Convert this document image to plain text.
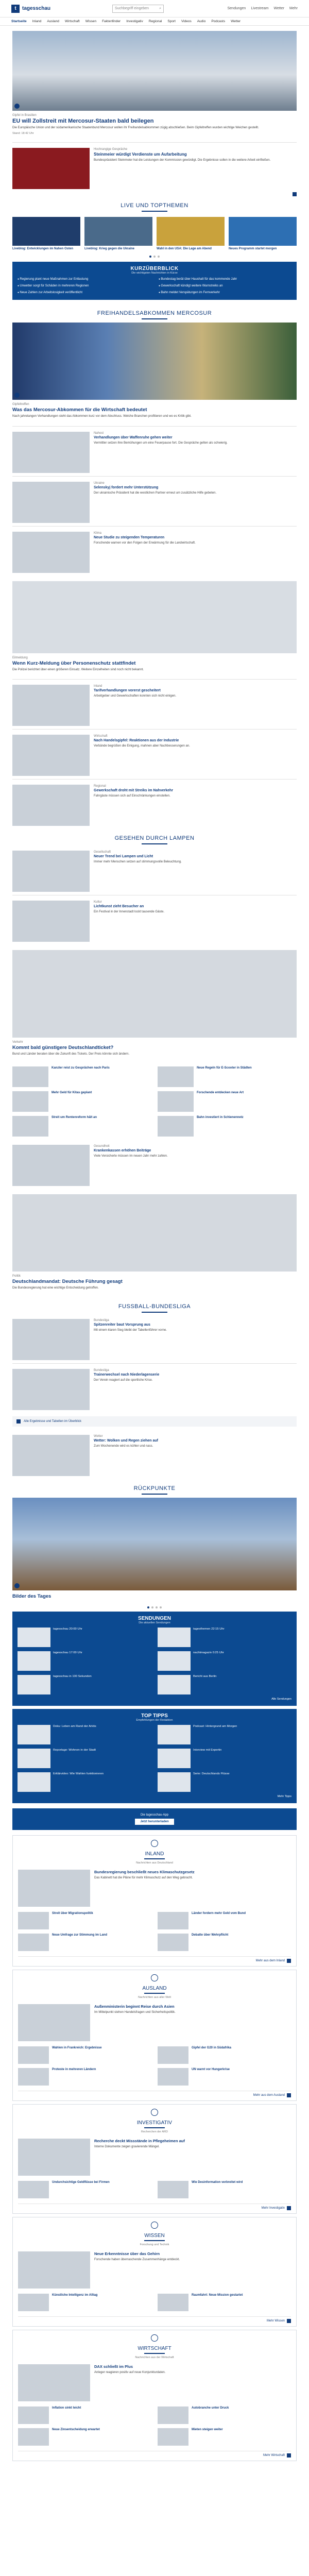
t	tagesschau	Suchbegriff eingeben	⌕	Sendungen Livestream Wetter Mehr
Startseite Inland Ausland Wirtschaft Wissen Faktenfinder Investigativ Regional Sport Videos Audio Podcasts Wetter
Gipfel in Brasilien
EU will Zollstreit mit Mercosur-Staaten bald beilegen
Die Europäische Union und der südamerikanische Staatenbund Mercosur wollen ihr Freihandelsabkommen zügig abschließen. Beim Gipfeltreffen wurden wichtige Weichen gestellt.
Stand: 18:42 Uhr
Hochrangige Gespräche
Steinmeier würdigt Verdienste um Aufarbeitung
Bundespräsident Steinmeier hat die Leistungen der Kommission gewürdigt. Die Ergebnisse sollen in die weitere Arbeit einfließen.
LIVE UND TOPTHEMEN
Liveblog: Entwicklungen im Nahen Osten	Liveblog: Krieg gegen die Ukraine	Wahl in den USA: Die Lage am Abend	Neues Programm startet morgen
KURZÜBERBLICK
Die wichtigsten Nachrichten in Kürze
● Regierung plant neue Maßnahmen zur Entlastung	● Bundestag berät über Haushalt für das kommende Jahr
● Unwetter sorgt für Schäden in mehreren Regionen	● Gewerkschaft kündigt weitere Warnstreiks an
● Neue Zahlen zur Arbeitslosigkeit veröffentlicht	● Bahn meldet Verspätungen im Fernverkehr
FREIHANDELSABKOMMEN MERCOSUR
Gipfeltreffen
Was das Mercosur-Abkommen für die Wirtschaft bedeutet
Nach jahrelangen Verhandlungen steht das Abkommen kurz vor dem Abschluss. Welche Branchen profitieren und wo es Kritik gibt.
Nahost
Verhandlungen über Waffenruhe gehen weiter
Vermittler setzen ihre Bemühungen um eine Feuerpause fort. Die Gespräche gelten als schwierig.
Ukraine
Selenskyj fordert mehr Unterstützung
Der ukrainische Präsident hat die westlichen Partner erneut um zusätzliche Hilfe gebeten.
Klima
Neue Studie zu steigenden Temperaturen
Forschende warnen vor den Folgen der Erwärmung für die Landwirtschaft.
Eilmeldung
Wenn Kurz-Meldung über Personenschutz stattfindet
Die Polizei berichtet über einen größeren Einsatz. Weitere Einzelheiten sind noch nicht bekannt.
Inland
Tarifverhandlungen vorerst gescheitert
Arbeitgeber und Gewerkschaften konnten sich nicht einigen.
Wirtschaft
Nach Handelsgipfel: Reaktionen aus der Industrie
Verbände begrüßen die Einigung, mahnen aber Nachbesserungen an.
Regional
Gewerkschaft droht mit Streiks im Nahverkehr
Fahrgäste müssen sich auf Einschränkungen einstellen.
GESEHEN DURCH LAMPEN
Gesellschaft
Neuer Trend bei Lampen und Licht
Immer mehr Menschen setzen auf stimmungsvolle Beleuchtung.
Kultur
Lichtkunst zieht Besucher an
Ein Festival in der Innenstadt lockt tausende Gäste.
Verkehr
Kommt bald günstigere Deutschlandticket?
Bund und Länder beraten über die Zukunft des Tickets. Der Preis könnte sich ändern.
Kanzler reist zu Gesprächen nach Paris	Neue Regeln für E-Scooter in Städten
Mehr Geld für Kitas geplant	Forschende entdecken neue Art
Streit um Rentenreform hält an	Bahn investiert in Schienennetz
Gesundheit
Krankenkassen erhöhen Beiträge
Viele Versicherte müssen im neuen Jahr mehr zahlen.
Politik
Deutschlandmandat: Deutsche Führung gesagt
Die Bundesregierung hat eine wichtige Entscheidung getroffen.
FUSSBALL-BUNDESLIGA
Bundesliga
Spitzenreiter baut Vorsprung aus
Mit einem klaren Sieg bleibt der Tabellenführer vorne.
Bundesliga
Trainerwechsel nach Niederlagenserie
Der Verein reagiert auf die sportliche Krise.
Alle Ergebnisse und Tabellen im Überblick
Wetter
Wetter: Wolken und Regen ziehen auf
Zum Wochenende wird es kühler und nass.
RÜCKPUNKTE
Bilder des Tages
SENDUNGEN
Die aktuellen Sendungen
tagesschau 20:00 Uhr	tagesthemen 22:15 Uhr
tagesschau 17:00 Uhr	nachtmagazin 0:25 Uhr
tagesschau in 100 Sekunden	Bericht aus Berlin
Alle Sendungen
TOP TIPPS
Empfehlungen der Redaktion
Doku: Leben am Rand der Arktis	Podcast: Hintergrund am Morgen
Reportage: Wohnen in der Stadt	Interview mit Expertin
Erklärvideo: Wie Wahlen funktionieren	Serie: Deutschlands Flüsse
Mehr Tipps
Die tagesschau-App
Jetzt herunterladen
INLAND
Nachrichten aus Deutschland
Bundesregierung beschließt neues Klimaschutzgesetz
Das Kabinett hat die Pläne für mehr Klimaschutz auf den Weg gebracht.
Streit über Migrationspolitik	Länder fordern mehr Geld vom Bund
Neue Umfrage zur Stimmung im Land	Debatte über Wehrpflicht
Mehr aus dem Inland
AUSLAND
Nachrichten aus aller Welt
Außenministerin beginnt Reise durch Asien
Im Mittelpunkt stehen Handelsfragen und Sicherheitspolitik.
Wahlen in Frankreich: Ergebnisse	Gipfel der G20 in Südafrika
Proteste in mehreren Ländern	UN warnt vor Hungerkrise
Mehr aus dem Ausland
INVESTIGATIV
Recherchen der ARD
Recherche deckt Missstände in Pflegeheimen auf
Interne Dokumente zeigen gravierende Mängel.
Undurchsichtige Geldflüsse bei Firmen	Wie Desinformation verbreitet wird
Mehr Investigativ
WISSEN
Forschung und Technik
Neue Erkenntnisse über das Gehirn
Forschende haben überraschende Zusammenhänge entdeckt.
Künstliche Intelligenz im Alltag	Raumfahrt: Neue Mission gestartet
Mehr Wissen
WIRTSCHAFT
Nachrichten aus der Wirtschaft
DAX schließt im Plus
Anleger reagieren positiv auf neue Konjunkturdaten.
Inflation sinkt leicht	Autobranche unter Druck
Neue Zinsentscheidung erwartet	Mieten steigen weiter
Mehr Wirtschaft
